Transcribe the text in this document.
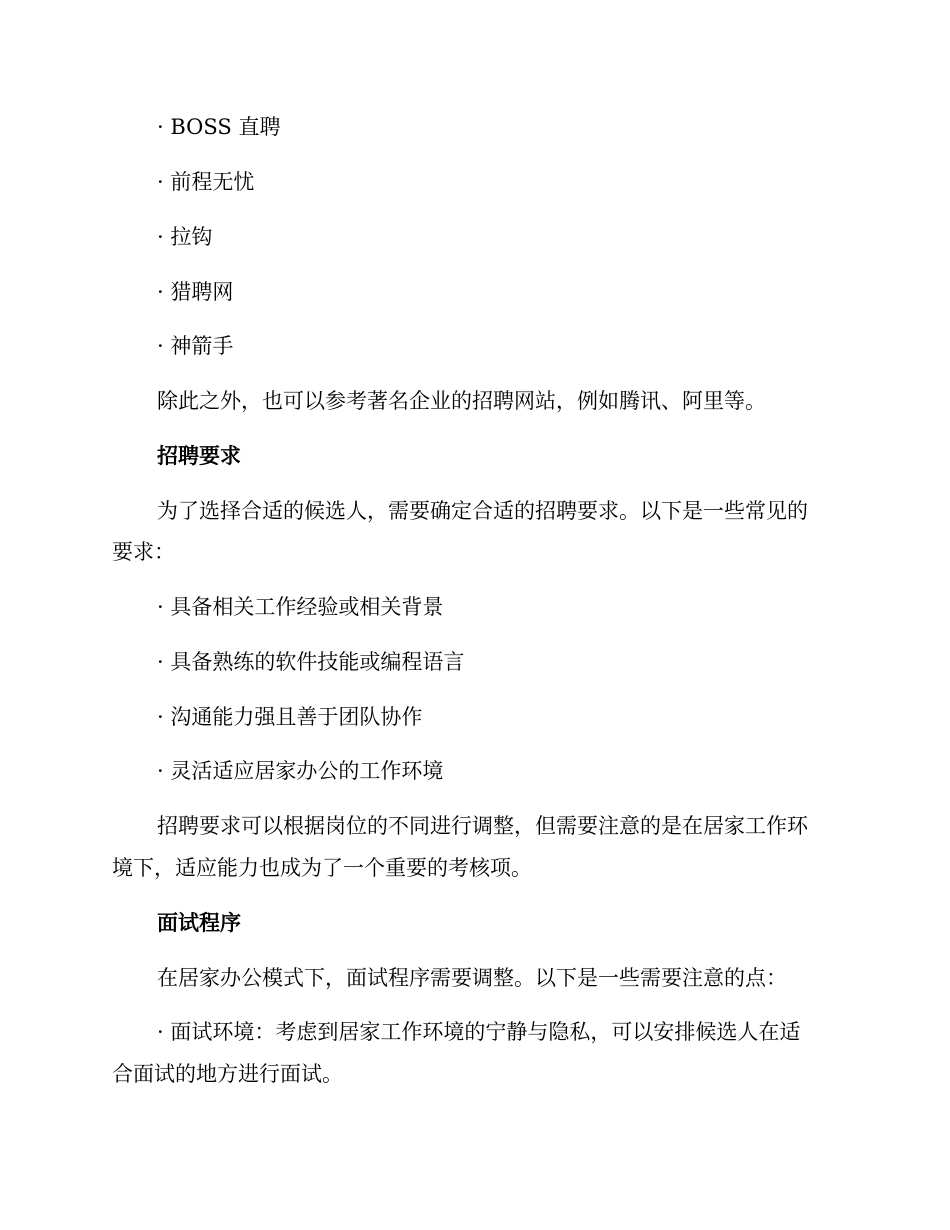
· BOSS 直聘
· 前程无忧
· 拉钩
· 猎聘网
· 神箭手
除此之外，也可以参考著名企业的招聘网站，例如腾讯、阿里等。
招聘要求
为了选择合适的候选人，需要确定合适的招聘要求。以下是一些常见的
要求：
· 具备相关工作经验或相关背景
· 具备熟练的软件技能或编程语言
· 沟通能力强且善于团队协作
· 灵活适应居家办公的工作环境
招聘要求可以根据岗位的不同进行调整，但需要注意的是在居家工作环
境下，适应能力也成为了一个重要的考核项。
面试程序
在居家办公模式下，面试程序需要调整。以下是一些需要注意的点：
· 面试环境：考虑到居家工作环境的宁静与隐私，可以安排候选人在适
合面试的地方进行面试。
